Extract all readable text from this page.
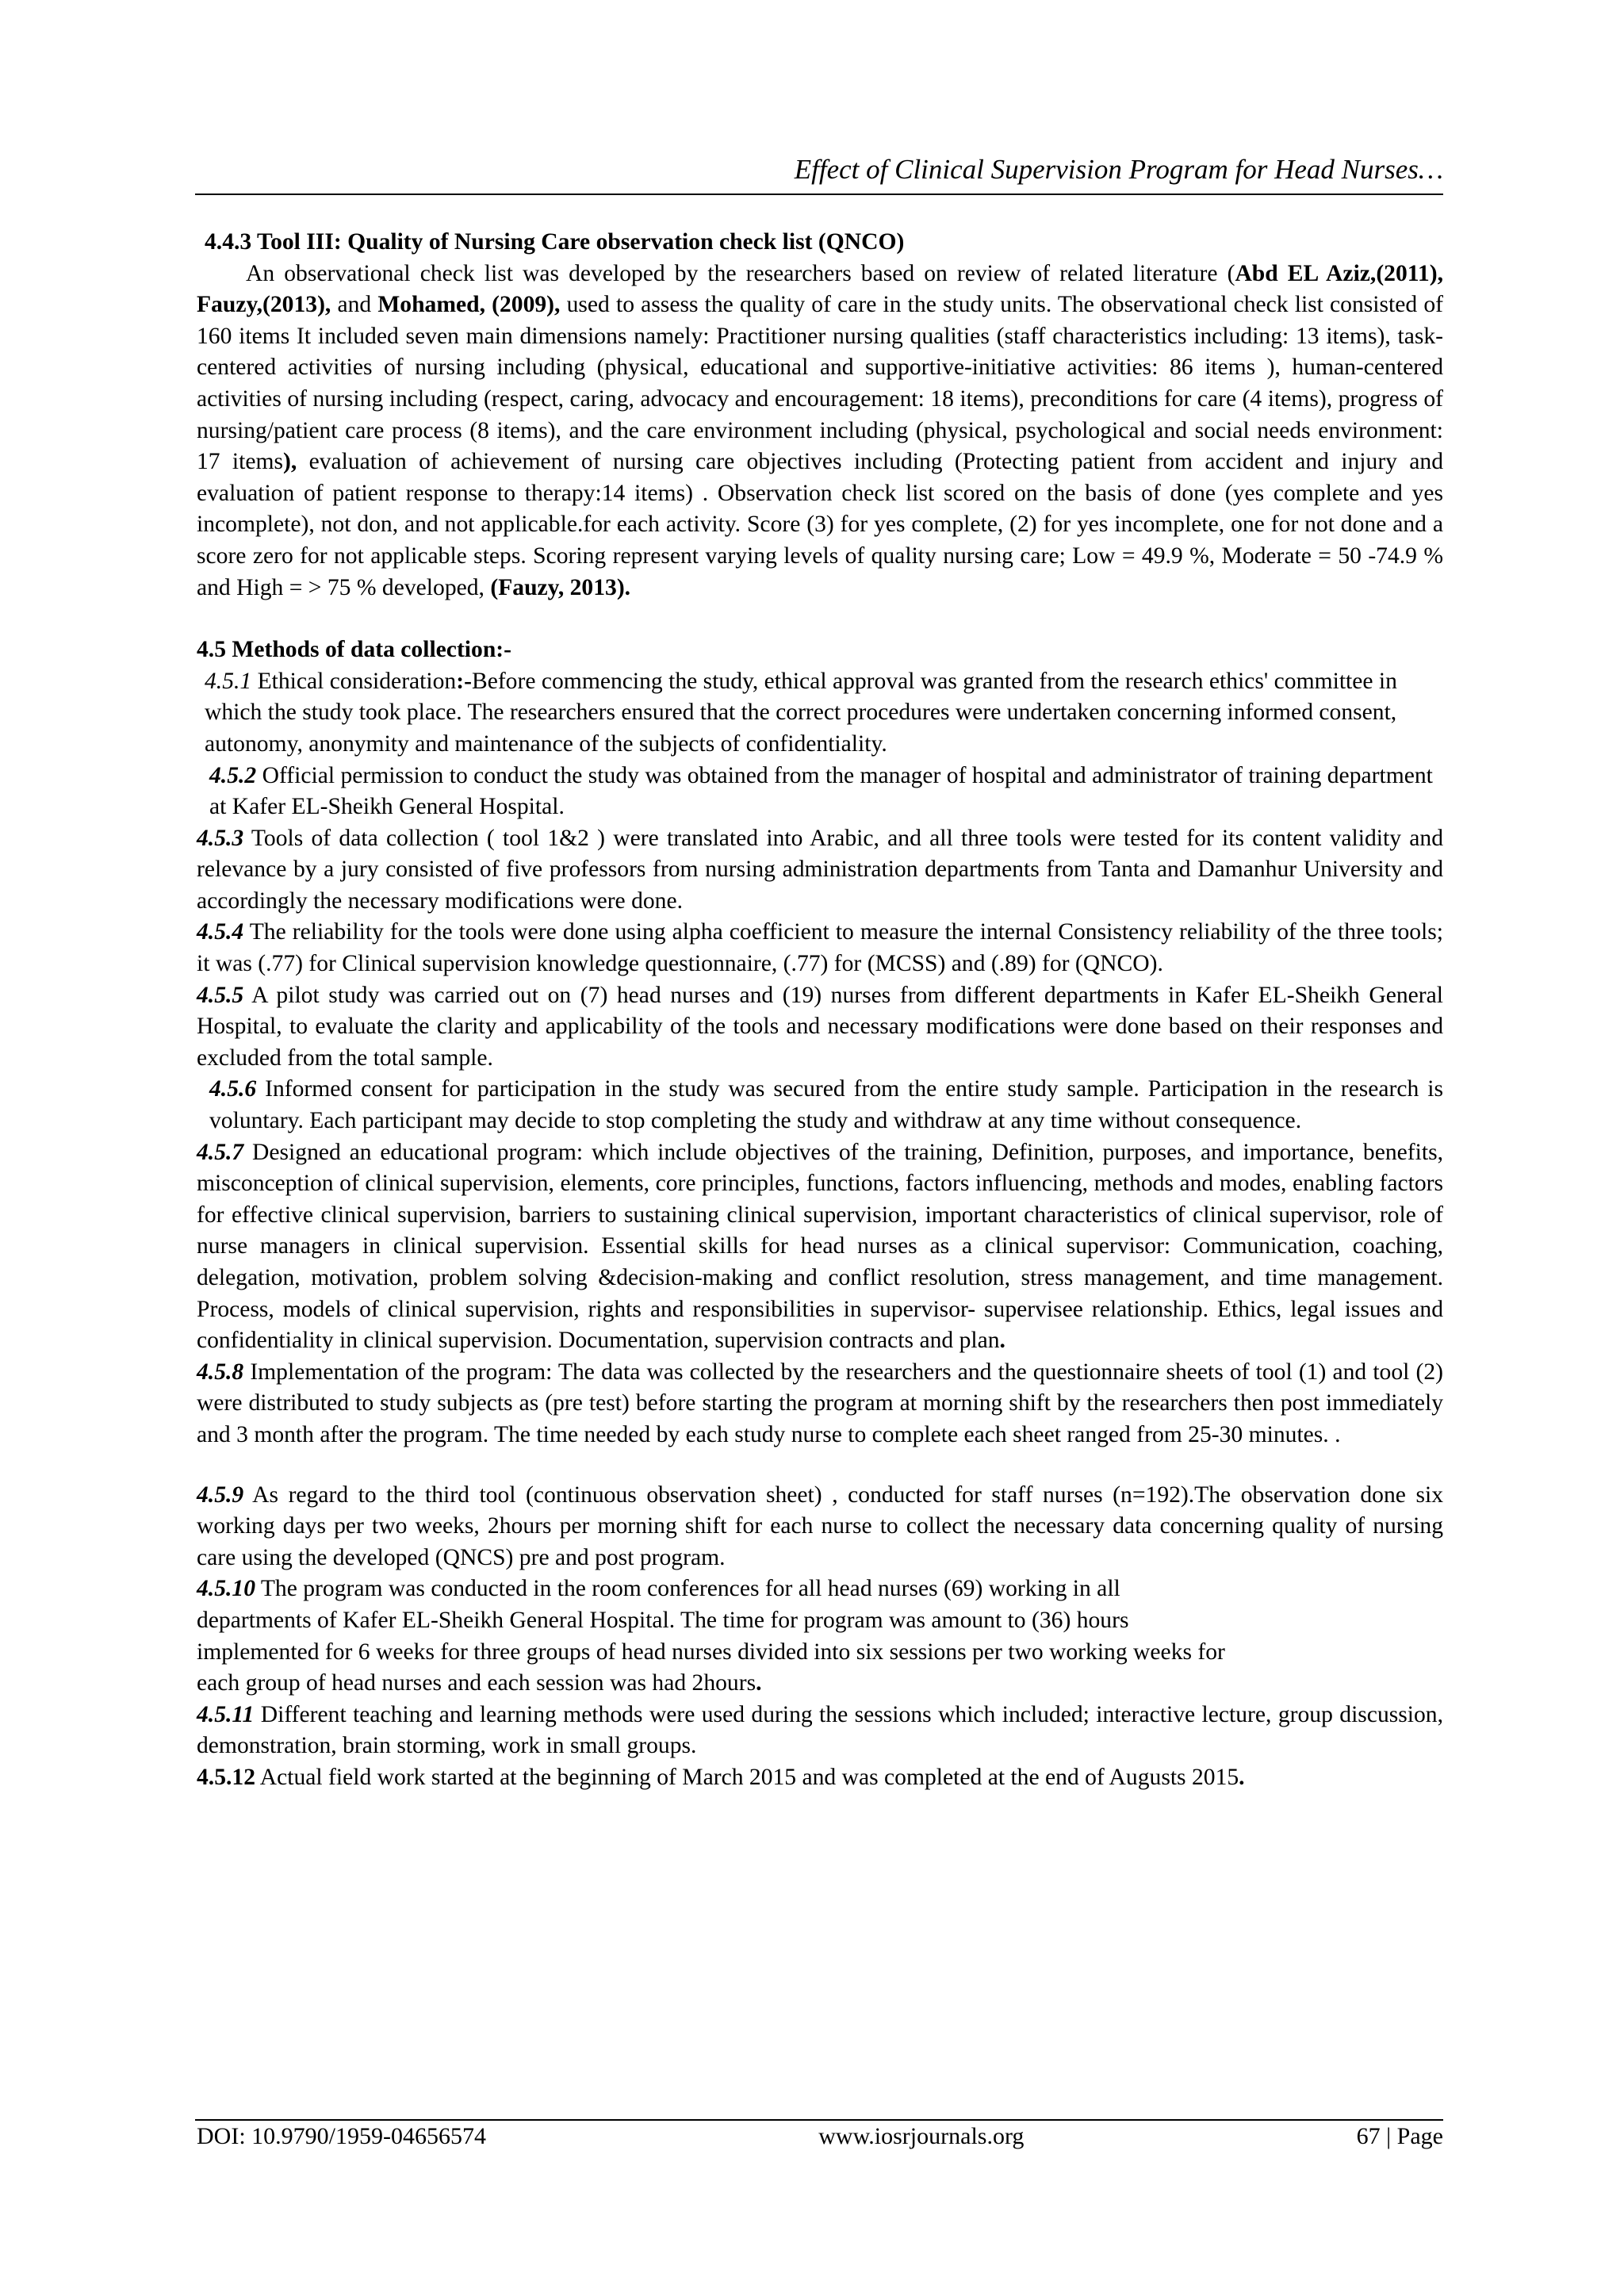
Effect of Clinical Supervision Program for Head Nurses…

4.4.3 Tool III: Quality of Nursing Care observation check list (QNCO)

An observational check list was developed by the researchers based on review of related literature (Abd EL Aziz,(2011), Fauzy,(2013), and Mohamed, (2009), used to assess the quality of care in the study units. The observational check list consisted of 160 items It included seven main dimensions namely: Practitioner nursing qualities (staff characteristics including: 13 items), task-centered activities of nursing including (physical, educational and supportive-initiative activities: 86 items ), human-centered activities of nursing including (respect, caring, advocacy and encouragement: 18 items), preconditions for care (4 items), progress of nursing/patient care process (8 items), and the care environment including (physical, psychological and social needs environment: 17 items), evaluation of achievement of nursing care objectives including (Protecting patient from accident and injury and evaluation of patient response to therapy:14 items) . Observation check list scored on the basis of done (yes complete and yes incomplete), not don, and not applicable.for each activity. Score (3) for yes complete, (2) for yes incomplete, one for not done and a score zero for not applicable steps. Scoring represent varying levels of quality nursing care; Low = 49.9 %, Moderate = 50 -74.9 % and High = > 75 % developed, (Fauzy, 2013).

4.5 Methods of data collection:-

4.5.1 Ethical consideration:-Before commencing the study, ethical approval was granted from the research ethics' committee in which the study took place. The researchers ensured that the correct procedures were undertaken concerning informed consent, autonomy, anonymity and maintenance of the subjects of confidentiality.

4.5.2 Official permission to conduct the study was obtained from the manager of hospital and administrator of training department at Kafer EL-Sheikh General Hospital.

4.5.3 Tools of data collection ( tool 1&2 ) were translated into Arabic, and all three tools were tested for its content validity and relevance by a jury consisted of five professors from nursing administration departments from Tanta and Damanhur University and accordingly the necessary modifications were done.

4.5.4 The reliability for the tools were done using alpha coefficient to measure the internal Consistency reliability of the three tools; it was (.77) for Clinical supervision knowledge questionnaire, (.77) for (MCSS) and (.89) for (QNCO).

4.5.5 A pilot study was carried out on (7) head nurses and (19) nurses from different departments in Kafer EL-Sheikh General Hospital, to evaluate the clarity and applicability of the tools and necessary modifications were done based on their responses and excluded from the total sample.

4.5.6 Informed consent for participation in the study was secured from the entire study sample. Participation in the research is voluntary. Each participant may decide to stop completing the study and withdraw at any time without consequence.

4.5.7 Designed an educational program: which include objectives of the training, Definition, purposes, and importance, benefits, misconception of clinical supervision, elements, core principles, functions, factors influencing, methods and modes, enabling factors for effective clinical supervision, barriers to sustaining clinical supervision, important characteristics of clinical supervisor, role of nurse managers in clinical supervision. Essential skills for head nurses as a clinical supervisor: Communication, coaching, delegation, motivation, problem solving &decision-making and conflict resolution, stress management, and time management. Process, models of clinical supervision, rights and responsibilities in supervisor- supervisee relationship. Ethics, legal issues and confidentiality in clinical supervision. Documentation, supervision contracts and plan.

4.5.8 Implementation of the program: The data was collected by the researchers and the questionnaire sheets of tool (1) and tool (2) were distributed to study subjects as (pre test) before starting the program at morning shift by the researchers then post immediately and 3 month after the program. The time needed by each study nurse to complete each sheet ranged from 25-30 minutes. .

4.5.9 As regard to the third tool (continuous observation sheet) , conducted for staff nurses (n=192).The observation done six working days per two weeks, 2hours per morning shift for each nurse to collect the necessary data concerning quality of nursing care using the developed (QNCS) pre and post program.

4.5.10 The program was conducted in the room conferences for all head nurses (69) working in all
departments of Kafer EL-Sheikh General Hospital. The time for program was amount to (36) hours
implemented for 6 weeks for three groups of head nurses divided into six sessions per two working weeks for
each group of head nurses and each session was had 2hours.

4.5.11 Different teaching and learning methods were used during the sessions which included; interactive lecture, group discussion, demonstration, brain storming, work in small groups.

4.5.12 Actual field work started at the beginning of March 2015 and was completed at the end of Augusts 2015.

DOI: 10.9790/1959-04656574	www.iosrjournals.org	67 | Page
